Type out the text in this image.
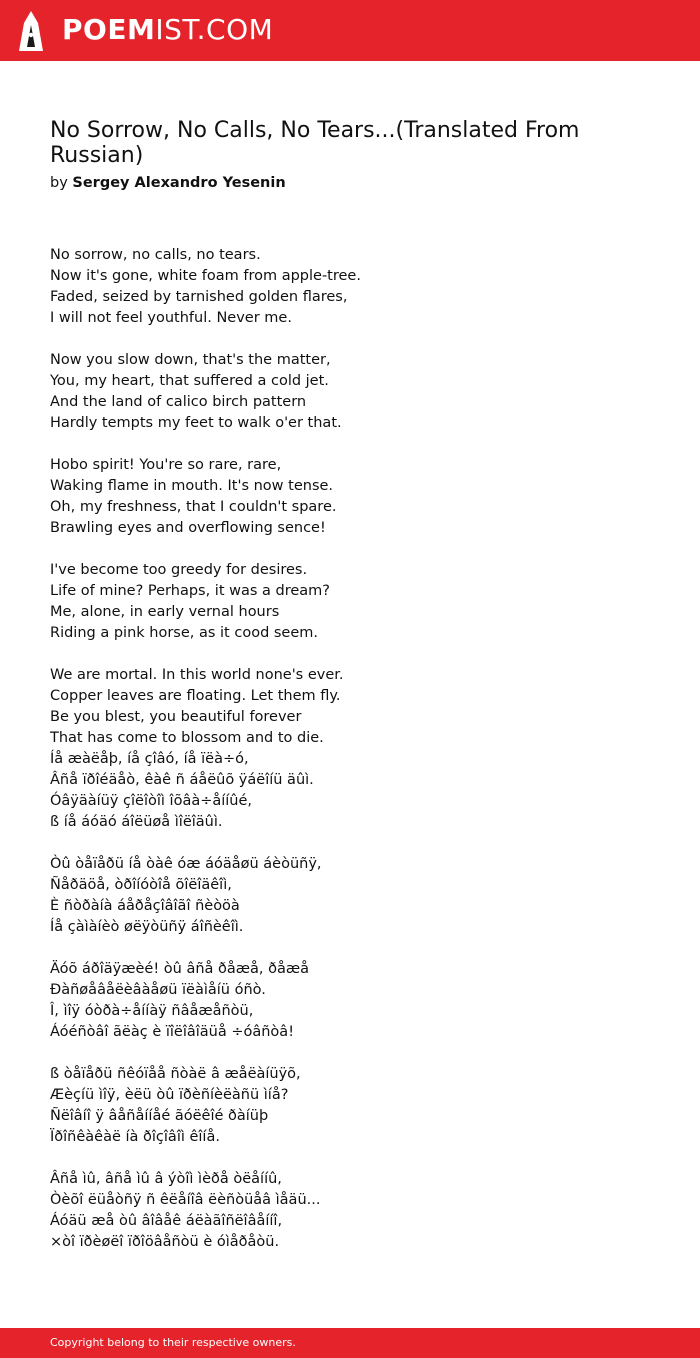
POEMIST.COM
No Sorrow, No Calls, No Tears...(Translated From Russian)
by Sergey Alexandro Yesenin
No sorrow, no calls, no tears.
Now it's gone, white foam from apple-tree.
Faded, seized by tarnished golden flares,
I will not feel youthful. Never me.
Now you slow down, that's the matter,
You, my heart, that suffered a cold jet.
And the land of calico birch pattern
Hardly tempts my feet to walk o'er that.
Hobo spirit! You're so rare, rare,
Waking flame in mouth. It's now tense.
Oh, my freshness, that I couldn't spare.
Brawling eyes and overflowing sence!
I've become too greedy for desires.
Life of mine? Perhaps, it was a dream?
Me, alone, in early vernal hours
Riding a pink horse, as it cood seem.
We are mortal. In this world none's ever.
Copper leaves are floating. Let them fly.
Be you blest, you beautiful forever
That has come to blossom and to die.
Íå æàëåþ, íå çîâó, íå ïëà÷ó,
Âñå ïðîéäåò, êàê ñ áåëûõ ÿáëîíü äûì.
Óâÿäàíüÿ çîëîòîì îõâà÷åííûé,
ß íå áóäó áîëüøå ìîëîäûì.
Òû òåïåðü íå òàê óæ áóäåøü áèòüñÿ,
Ñåðäöå, òðîíóòîå õîëîäêîì,
È ñòðàíà áåðåçîâîãî ñèòöà
Íå çàìàíèò øëÿòüñÿ áîñèêîì.
Äóõ áðîäÿæèé! òû âñå ðåæå, ðåæå
Ðàñøåâåëèâàåøü ïëàìåíü óñò.
Î, ìîÿ óòðà÷åííàÿ ñâåæåñòü,
Áóéñòâî ãëàç è ïîëîâîäüå ÷óâñòâ!
ß òåïåðü ñêóïåå ñòàë â æåëàíüÿõ,
Æèçíü ìîÿ, èëü òû ïðèñíèëàñü ìíå?
Ñëîâíî ÿ âåñåííåé ãóëêîé ðàíüþ
Ïðîñêàêàë íà ðîçîâîì êîíå.
Âñå ìû, âñå ìû â ýòîì ìèðå òëåííû,
Òèõî ëüåòñÿ ñ êëåíîâ ëèñòüåâ ìåäü...
Áóäü æå òû âîâåê áëàãîñëîâåííî,
×òî ïðèøëî ïðîöâåñòü è óìåðåòü.
Copyright belong to their respective owners.
